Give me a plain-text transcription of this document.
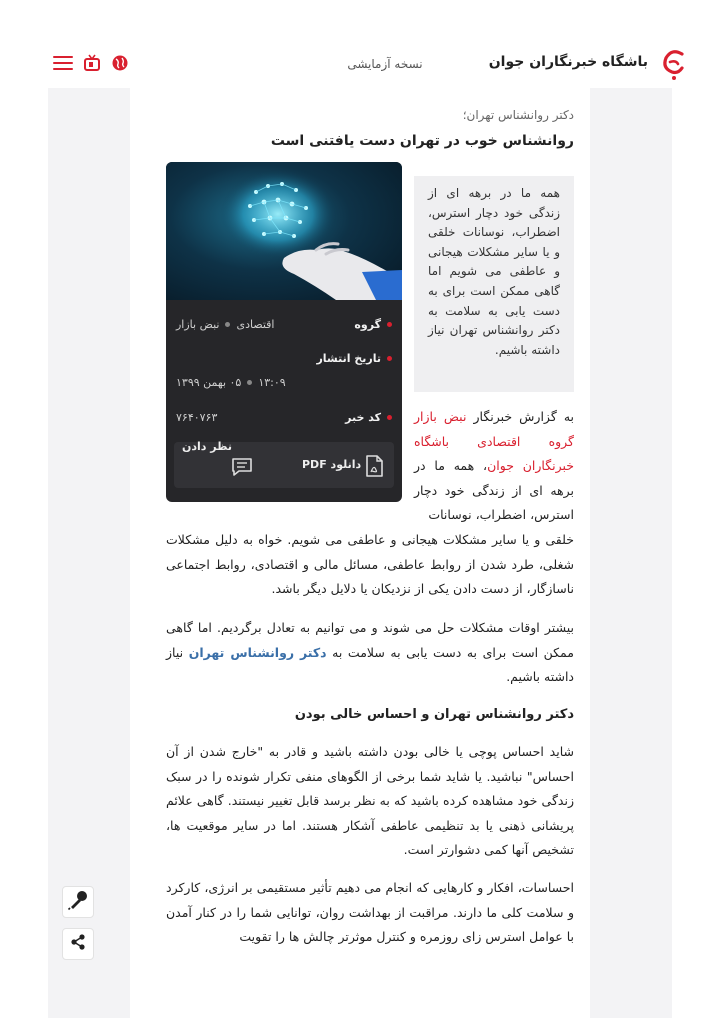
نسخه آزمایشی	باشگاه خبرنگاران جوان
دکتر روانشناس تهران؛
روانشناس خوب در تهران دست یافتنی است
گروه
اقتصادی
نبض بازار
تاریخ انتشار
۱۳:۰۹
۰۵ بهمن ۱۳۹۹
کد خبر
۷۶۴۰۷۶۳
نظر دادن
دانلود PDF
همه ما در برهه ای از زندگی خود دچار استرس، اضطراب، نوسانات خلقی و یا سایر مشکلات هیجانی و عاطفی می شویم اما گاهی ممکن است برای به دست یابی به سلامت به دکتر روانشناس تهران نیاز داشته باشیم.
به گزارش خبرنگار نبض بازار گروه اقتصادی باشگاه خبرنگاران جوان، همه ما در برهه ای از زندگی خود دچار استرس، اضطراب، نوسانات
خلقی و یا سایر مشکلات هیجانی و عاطفی می شویم. خواه به دلیل مشکلات شغلی، طرد شدن از روابط عاطفی، مسائل مالی و اقتصادی، روابط اجتماعی ناسازگار، از دست دادن یکی از نزدیکان یا دلایل دیگر باشد.
بیشتر اوقات مشکلات حل می شوند و می توانیم به تعادل برگردیم. اما گاهی ممکن است برای به دست یابی به سلامت به دکتر روانشناس تهران نیاز داشته باشیم.
دکتر روانشناس تهران و احساس خالی بودن
شاید احساس پوچی یا خالی بودن داشته باشید و قادر به "خارج شدن از آن احساس" نباشید. یا شاید شما برخی از الگوهای منفی تکرار شونده را در سبک زندگی خود مشاهده کرده باشید که به نظر برسد قابل تغییر نیستند. گاهی علائم پریشانی ذهنی یا بد تنظیمی عاطفی آشکار هستند. اما در سایر موقعیت ها، تشخیص آنها کمی دشوارتر است.
احساسات، افکار و کارهایی که انجام می دهیم تأثیر مستقیمی بر انرژی، کارکرد و سلامت کلی ما دارند. مراقبت از بهداشت روان، توانایی شما را در کنار آمدن با عوامل استرس زای روزمره و کنترل موثرتر چالش ها را تقویت
